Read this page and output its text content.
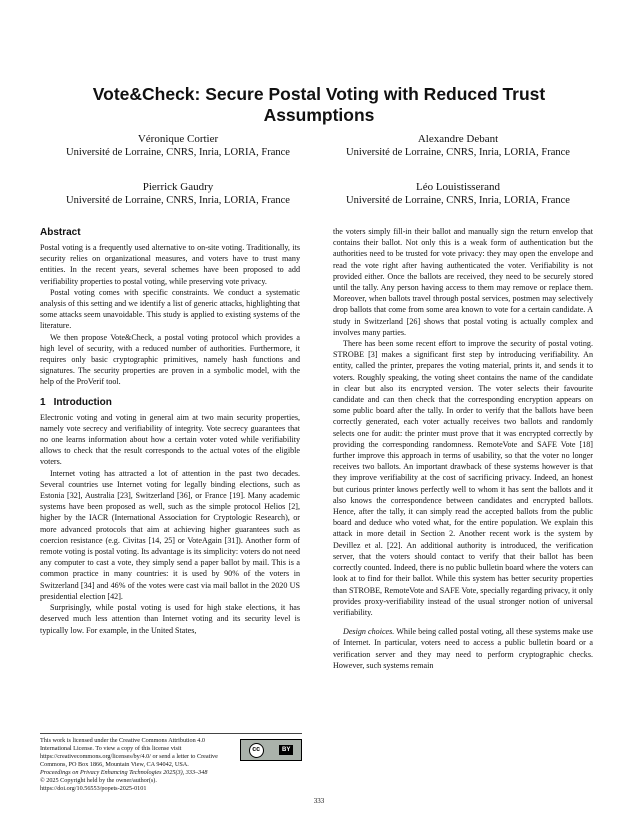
Vote&Check: Secure Postal Voting with Reduced Trust Assumptions
Véronique Cortier
Université de Lorraine, CNRS, Inria, LORIA, France
Alexandre Debant
Université de Lorraine, CNRS, Inria, LORIA, France
Pierrick Gaudry
Université de Lorraine, CNRS, Inria, LORIA, France
Léo Louistisserand
Université de Lorraine, CNRS, Inria, LORIA, France
Abstract

Postal voting is a frequently used alternative to on-site voting. Traditionally, its security relies on organizational measures, and voters have to trust many entities. In the recent years, several schemes have been proposed to add verifiability properties to postal voting, while preserving vote privacy.

Postal voting comes with specific constraints. We conduct a systematic analysis of this setting and we identify a list of generic attacks, highlighting that some attacks seem unavoidable. This study is applied to existing systems of the literature.

We then propose Vote&Check, a postal voting protocol which provides a high level of security, with a reduced number of authorities. Furthermore, it requires only basic cryptographic primitives, namely hash functions and signatures. The security properties are proven in a symbolic model, with the help of the ProVerif tool.

1 Introduction

Electronic voting and voting in general aim at two main security properties, namely vote secrecy and verifiability of integrity. Vote secrecy guarantees that no one learns information about how a certain voter voted while verifiability allows to check that the result corresponds to the actual votes of the eligible voters.

Internet voting has attracted a lot of attention in the past two decades. Several countries use Internet voting for legally binding elections, such as Estonia [32], Australia [23], Switzerland [36], or France [19]. Many academic systems have been proposed as well, such as the simple protocol Helios [2], higher by the IACR (International Association for Cryptologic Research), or more advanced protocols that aim at achieving higher guarantees such as coercion resistance (e.g. Civitas [14, 25] or VoteAgain [31]). Another form of remote voting is postal voting. Its advantage is its simplicity: voters do not need any computer to cast a vote, they simply send a paper ballot by mail. This is a common practice in many countries: it is used by 90% of the voters in Switzerland [34] and 46% of the votes were cast via mail ballot in the 2020 US presidential election [42].

Surprisingly, while postal voting is used for high stake elections, it has deserved much less attention than Internet voting and its security level is typically low. For example, in the United States,

the voters simply fill-in their ballot and manually sign the return envelop that contains their ballot. Not only this is a weak form of authentication but the authorities need to be trusted for vote privacy: they may open the envelope and read the vote right after having authenticated the voter. Verifiability is not provided either. Once the ballots are received, they need to be securely stored until the tally. Any person having access to them may remove or replace them. Moreover, when ballots travel through postal services, postmen may selectively drop ballots that come from some area known to vote for a certain candidate. A study in Switzerland [26] shows that postal voting is actually complex and involves many parties.

There has been some recent effort to improve the security of postal voting. STROBE [3] makes a significant first step by introducing verifiability. An entity, called the printer, prepares the voting material, prints it, and sends it to voters. Roughly speaking, the voting sheet contains the name of the candidate in clear but also its encrypted version. The voter selects their favourite candidate and can then check that the corresponding encryption appears on some public board after the tally. In order to verify that the ballots have been correctly generated, each voter actually receives two ballots and randomly selects one for audit: the printer must prove that it was encrypted correctly by providing the corresponding randomness. RemoteVote and SAFE Vote [18] further improve this approach in terms of usability, so that the voter no longer receives two ballots. An important drawback of these systems however is that they improve verifiability at the cost of sacrificing privacy. Indeed, an honest but curious printer knows perfectly well to whom it has sent the ballots and it also knows the correspondence between candidates and encrypted ballots. Hence, after the tally, it can simply read the accepted ballots from the public board and deduce who voted what, for the entire population. We explain this attack in more detail in Section 2. Another recent work is the system by Devillez et al. [22]. An additional authority is introduced, the verification server, that the voters should contact to verify that their ballot has been correctly counted. Indeed, there is no public bulletin board where the voters can look at to find for their ballot. While this system has better security properties than STROBE, RemoteVote and SAFE Vote, specially regarding privacy, it only provides proxy-verifiability instead of the usual stronger notion of universal verifiability.

Design choices. While being called postal voting, all these systems make use of Internet. In particular, voters need to access a public bulletin board or a verification server and they may need to perform cryptographic checks. However, such systems remain

This work is licensed under the Creative Commons Attribution 4.0 International License. To view a copy of this license visit https://creativecommons.org/licenses/by/4.0/ or send a letter to Creative Commons, PO Box 1866, Mountain View, CA 94042, USA.
cc	BY
Proceedings on Privacy Enhancing Technologies 2025(3), 333–348
© 2025 Copyright held by the owner/author(s).
https://doi.org/10.56553/popets-2025-0101
333
